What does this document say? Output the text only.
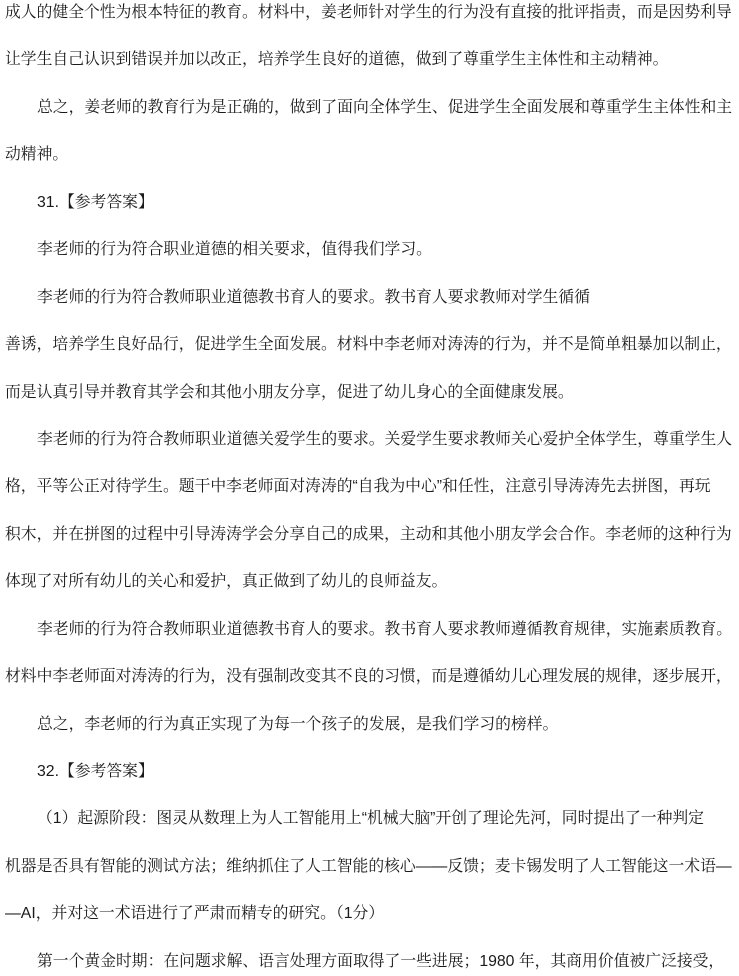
成人的健全个性为根本特征的教育。材料中，姜老师针对学生的行为没有直接的批评指责，而是因势利导
让学生自己认识到错误并加以改正，培养学生良好的道德，做到了尊重学生主体性和主动精神。
总之，姜老师的教育行为是正确的，做到了面向全体学生、促进学生全面发展和尊重学生主体性和主
动精神。
31.【参考答案】
李老师的行为符合职业道德的相关要求，值得我们学习。
李老师的行为符合教师职业道德教书育人的要求。教书育人要求教师对学生循循
善诱，培养学生良好品行，促进学生全面发展。材料中李老师对涛涛的行为，并不是简单粗暴加以制止，
而是认真引导并教育其学会和其他小朋友分享，促进了幼儿身心的全面健康发展。
李老师的行为符合教师职业道德关爱学生的要求。关爱学生要求教师关心爱护全体学生，尊重学生人
格，平等公正对待学生。题干中李老师面对涛涛的“自我为中心”和任性，注意引导涛涛先去拼图，再玩
积木，并在拼图的过程中引导涛涛学会分享自己的成果，主动和其他小朋友学会合作。李老师的这种行为
体现了对所有幼儿的关心和爱护，真正做到了幼儿的良师益友。
李老师的行为符合教师职业道德教书育人的要求。教书育人要求教师遵循教育规律，实施素质教育。
材料中李老师面对涛涛的行为，没有强制改变其不良的习惯，而是遵循幼儿心理发展的规律，逐步展开，
总之，李老师的行为真正实现了为每一个孩子的发展，是我们学习的榜样。
32.【参考答案】
（1）起源阶段：图灵从数理上为人工智能用上“机械大脑”开创了理论先河，同时提出了一种判定
机器是否具有智能的测试方法；维纳抓住了人工智能的核心——反馈；麦卡锡发明了人工智能这一术语—
—AI，并对这一术语进行了严肃而精专的研究。（1分）
第一个黄金时期：在问题求解、语言处理方面取得了一些进展；1980 年，其商用价值被广泛接受，
